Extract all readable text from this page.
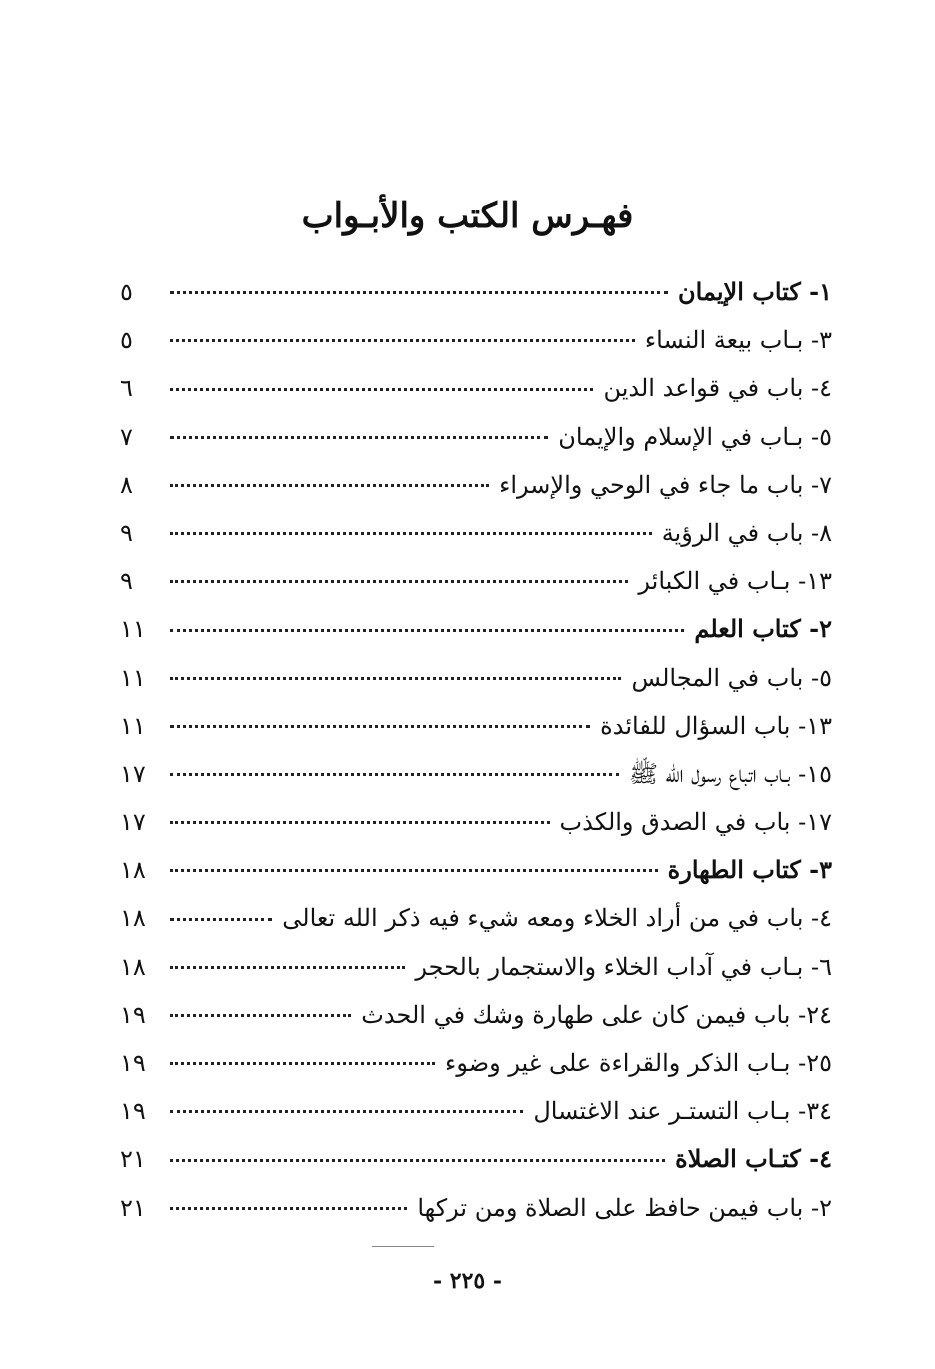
فهـرس الكتب والأبـواب
١- كتاب الإيمان
٥
٣- بـاب بيعة النساء
٥
٤- باب في قواعد الدين
٦
٥- بـاب في الإسلام والإيمان
٧
٧- باب ما جاء في الوحي والإسراء
٨
٨- باب في الرؤية
٩
١٣- بـاب في الكبائر
٩
٢- كتاب العلم
١١
٥- باب في المجالس
١١
١٣- باب السؤال للفائدة
١١
١٥- بـاب اتباع رسول الله ﷺ
١٧
١٧- باب في الصدق والكذب
١٧
٣- كتاب الطهارة
١٨
٤- باب في من أراد الخلاء ومعه شيء فيه ذكر الله تعالى
١٨
٦- بـاب في آداب الخلاء والاستجمار بالحجر
١٨
٢٤- باب فيمن كان على طهارة وشك في الحدث
١٩
٢٥- بـاب الذكر والقراءة على غير وضوء
١٩
٣٤- بـاب التستـر عند الاغتسال
١٩
٤- كتـاب الصلاة
٢١
٢- باب فيمن حافظ على الصلاة ومن تركها
٢١
- ٢٢٥ -
